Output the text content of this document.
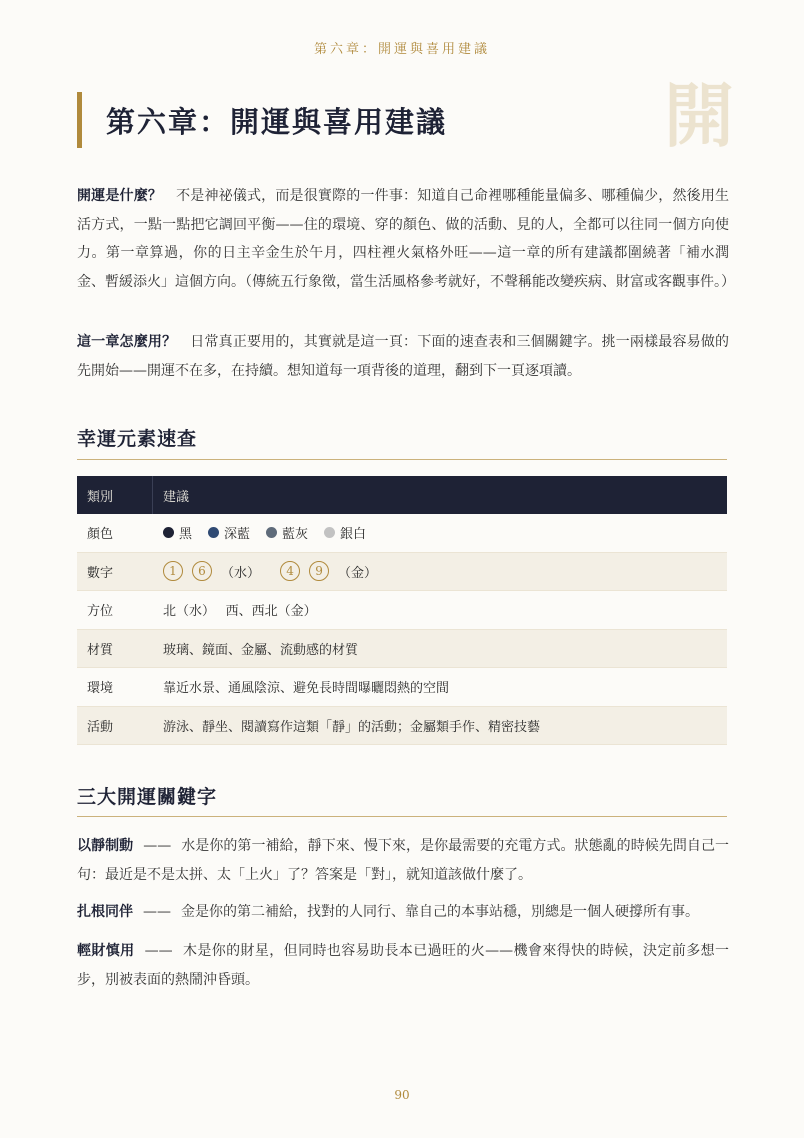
第六章：開運與喜用建議
第六章：開運與喜用建議	開

開運是什麼？ 不是神祕儀式，而是很實際的一件事：知道自己命裡哪種能量偏多、哪種偏少，然後用生活方式，一點一點把它調回平衡——住的環境、穿的顏色、做的活動、見的人，全都可以往同一個方向使力。第一章算過，你的日主辛金生於午月，四柱裡火氣格外旺——這一章的所有建議都圍繞著「補水潤金、暫緩添火」這個方向。（傳統五行象徵，當生活風格參考就好，不聲稱能改變疾病、財富或客觀事件。）

這一章怎麼用？ 日常真正要用的，其實就是這一頁：下面的速查表和三個關鍵字。挑一兩樣最容易做的先開始——開運不在多，在持續。想知道每一項背後的道理，翻到下一頁逐項讀。

幸運元素速查
類別	建議
顏色	黑 深藍 藍灰 銀白
數字	1	6	（水）	4	9	（金）
方位	北（水）　 西、西北（金）
材質	玻璃、鏡面、金屬、流動感的材質
環境	靠近水景、通風陰涼、避免長時間曝曬悶熱的空間
活動	游泳、靜坐、閱讀寫作這類「靜」的活動；金屬類手作、精密技藝
三大開運關鍵字

以靜制動 —— 水是你的第一補給，靜下來、慢下來，是你最需要的充電方式。狀態亂的時候先問自己一句：最近是不是太拼、太「上火」了？答案是「對」，就知道該做什麼了。

扎根同伴 —— 金是你的第二補給，找對的人同行、靠自己的本事站穩，別總是一個人硬撐所有事。

輕財慎用 —— 木是你的財星，但同時也容易助長本已過旺的火——機會來得快的時候，決定前多想一步，別被表面的熱鬧沖昏頭。

90
